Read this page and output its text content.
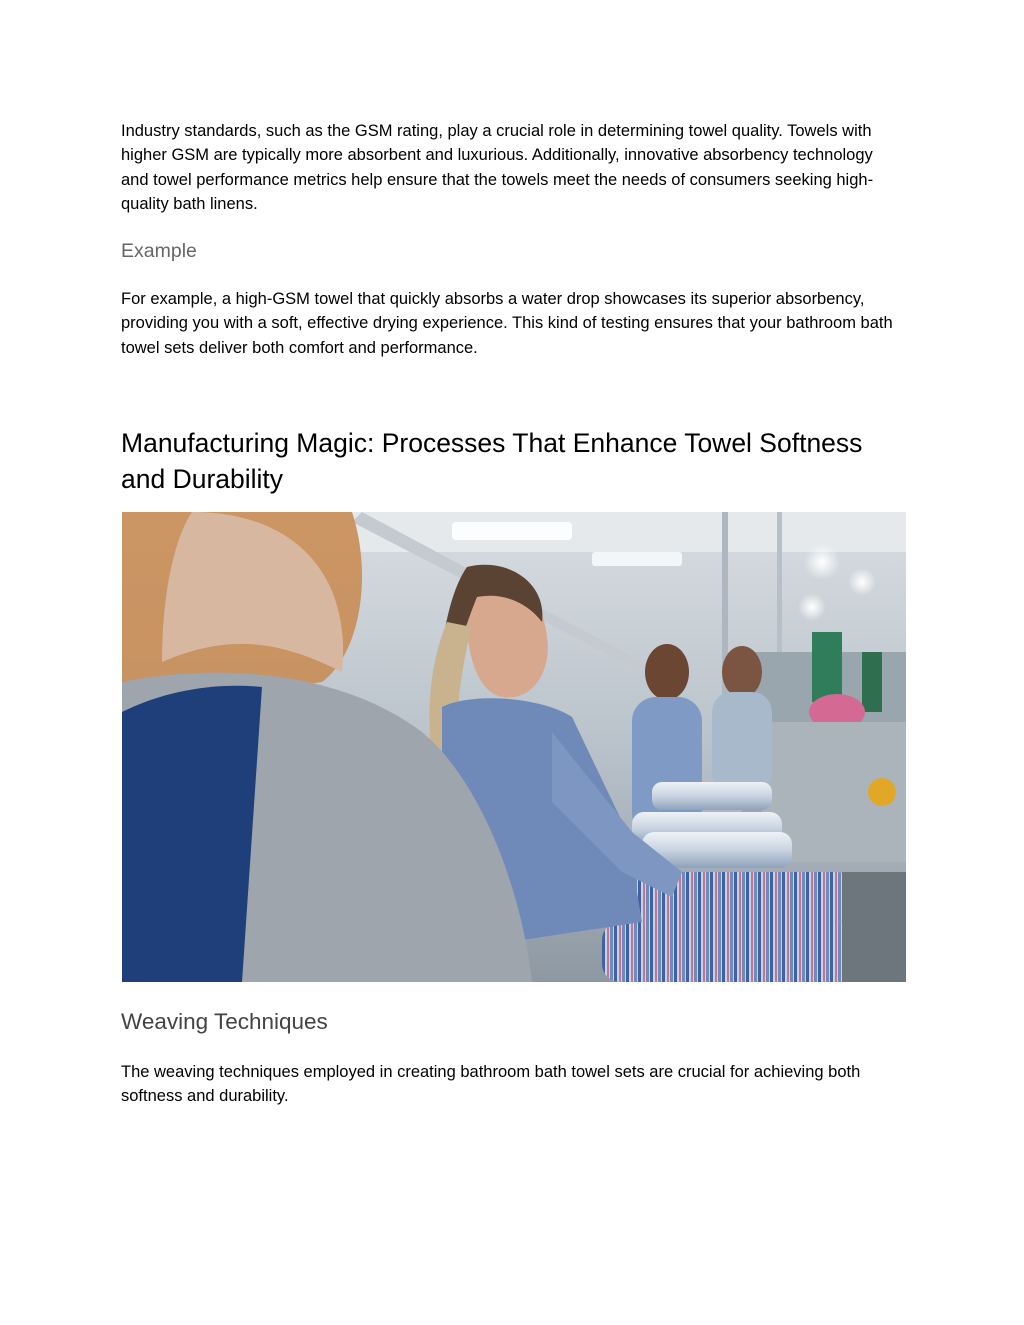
Industry standards, such as the GSM rating, play a crucial role in determining towel quality. Towels with higher GSM are typically more absorbent and luxurious. Additionally, innovative absorbency technology and towel performance metrics help ensure that the towels meet the needs of consumers seeking high-quality bath linens.

Example

For example, a high-GSM towel that quickly absorbs a water drop showcases its superior absorbency, providing you with a soft, effective drying experience. This kind of testing ensures that your bathroom bath towel sets deliver both comfort and performance.

Manufacturing Magic: Processes That Enhance Towel Softness and Durability
Weaving Techniques

The weaving techniques employed in creating bathroom bath towel sets are crucial for achieving both softness and durability.
